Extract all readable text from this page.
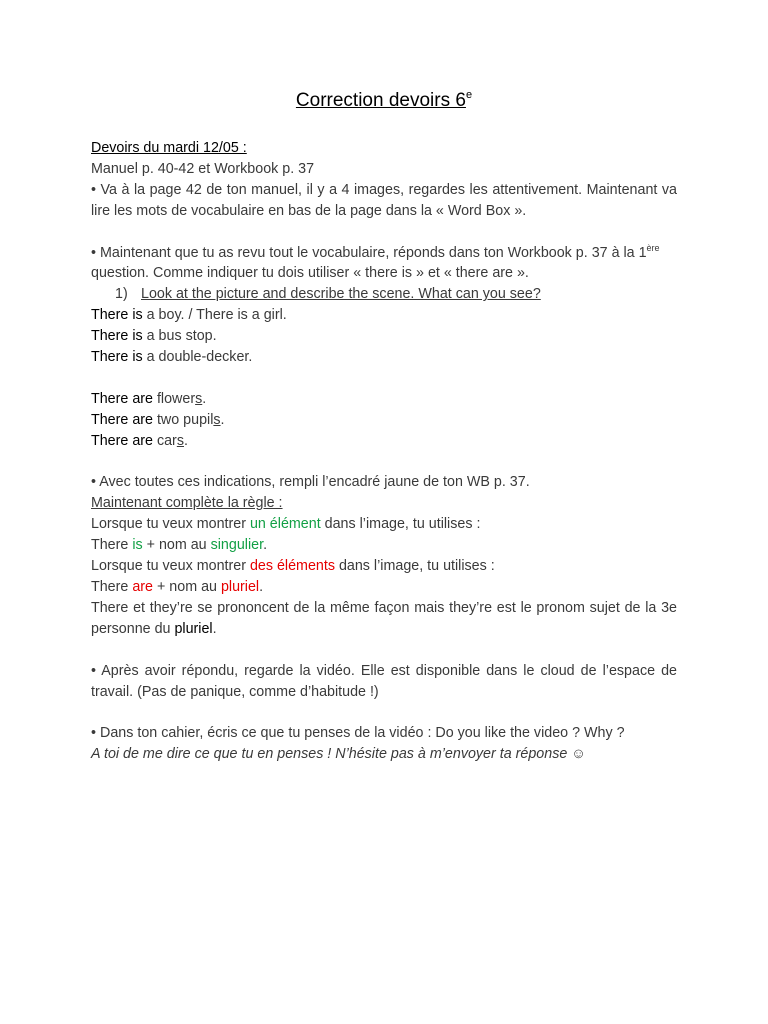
Correction devoirs 6e

Devoirs du mardi 12/05 :

Manuel p. 40-42 et Workbook p. 37

• Va à la page 42 de ton manuel, il y a 4 images, regardes les attentivement. Maintenant va lire les mots de vocabulaire en bas de la page dans la « Word Box ».

• Maintenant que tu as revu tout le vocabulaire, réponds dans ton Workbook p. 37 à la 1ère question. Comme indiquer tu dois utiliser « there is » et « there are ».

1) Look at the picture and describe the scene. What can you see?

There is a boy. / There is a girl.

There is a bus stop.

There is a double-decker.

There are flowers.

There are two pupils.

There are cars.

• Avec toutes ces indications, rempli l’encadré jaune de ton WB p. 37.

Maintenant complète la règle :

Lorsque tu veux montrer un élément dans l’image, tu utilises :

There is + nom au singulier.

Lorsque tu veux montrer des éléments dans l’image, tu utilises :

There are + nom au pluriel.

There et they’re se prononcent de la même façon mais they’re est le pronom sujet de la 3e personne du pluriel.

• Après avoir répondu, regarde la vidéo. Elle est disponible dans le cloud de l’espace de travail. (Pas de panique, comme d’habitude !)

• Dans ton cahier, écris ce que tu penses de la vidéo : Do you like the video ? Why ?

A toi de me dire ce que tu en penses ! N’hésite pas à m’envoyer ta réponse ☺
